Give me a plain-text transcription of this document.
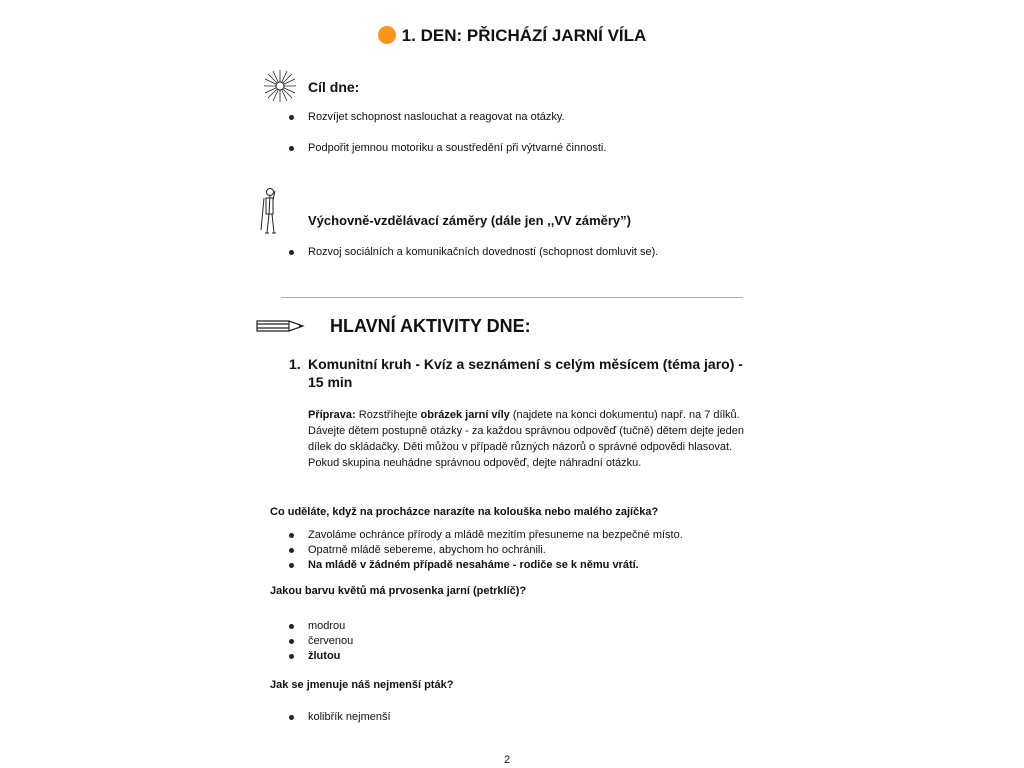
1. DEN: PŘICHÁZÍ JARNÍ VÍLA
Cíl dne:
Rozvíjet schopnost naslouchat a reagovat na otázky.
Podpořit jemnou motoriku a soustředění při výtvarné činnosti.
Výchovně-vzdělávací záměry (dále jen ,,VV záměry”)
Rozvoj sociálních a komunikačních dovedností (schopnost domluvit se).
HLAVNÍ AKTIVITY DNE:
1. Komunitní kruh - Kvíz a seznámení s celým měsícem (téma jaro) -
15 min
Příprava: Rozstříhejte obrázek jarní víly (najdete na konci dokumentu) např. na 7 dílků. Dávejte dětem postupně otázky - za každou správnou odpověď (tučně) dětem dejte jeden dílek do skládačky. Děti můžou v případě různých názorů o správné odpovědi hlasovat. Pokud skupina neuhádne správnou odpověď, dejte náhradní otázku.
Co uděláte, když na procházce narazíte na kolouška nebo malého zajíčka?
Zavoláme ochránce přírody a mládě mezitím přesuneme na bezpečné místo.
Opatrně mládě sebereme, abychom ho ochránili.
Na mládě v žádném případě nesaháme - rodiče se k němu vrátí.
Jakou barvu květů má prvosenka jarní (petrklíč)?
modrou
červenou
žlutou
Jak se jmenuje náš nejmenší pták?
kolibřík nejmenší
2
